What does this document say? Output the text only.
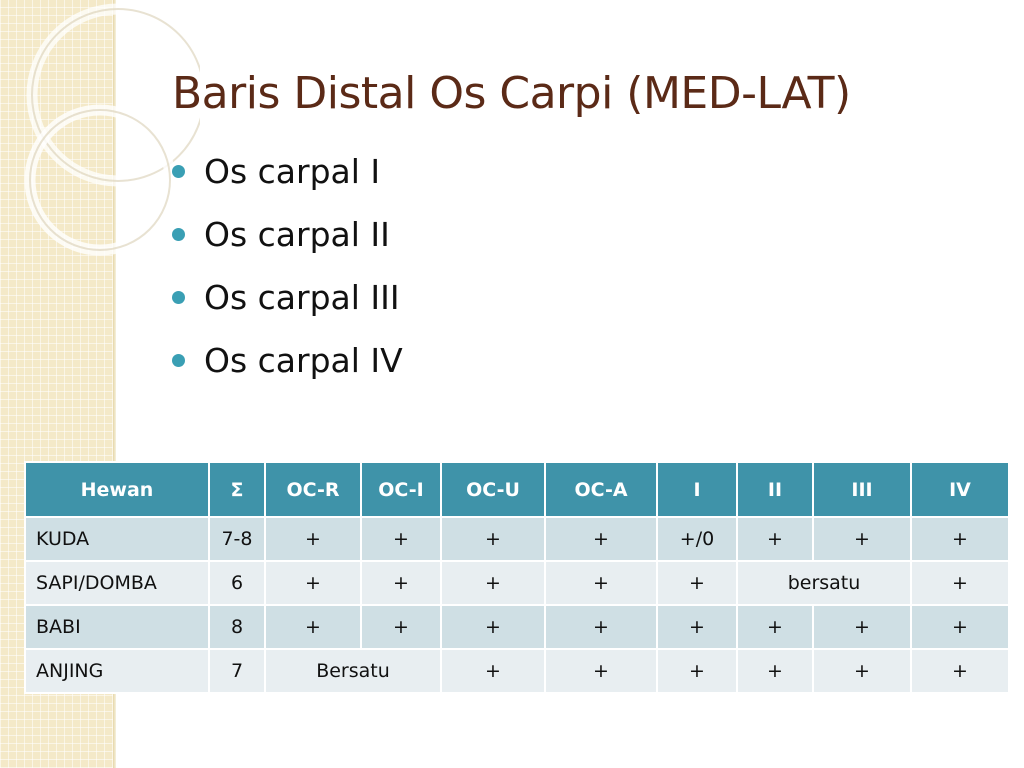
Baris Distal Os Carpi (MED-LAT)
Os carpal I
Os carpal II
Os carpal III
Os carpal IV
Hewan	Σ	OC-R	OC-I	OC-U	OC-A	I	II	III	IV
KUDA	7-8	+	+	+	+	+/0	+	+	+
SAPI/DOMBA	6	+	+	+	+	+	bersatu		+
BABI	8	+	+	+	+	+	+	+	+
ANJING	7	Bersatu		+	+	+	+	+	+
